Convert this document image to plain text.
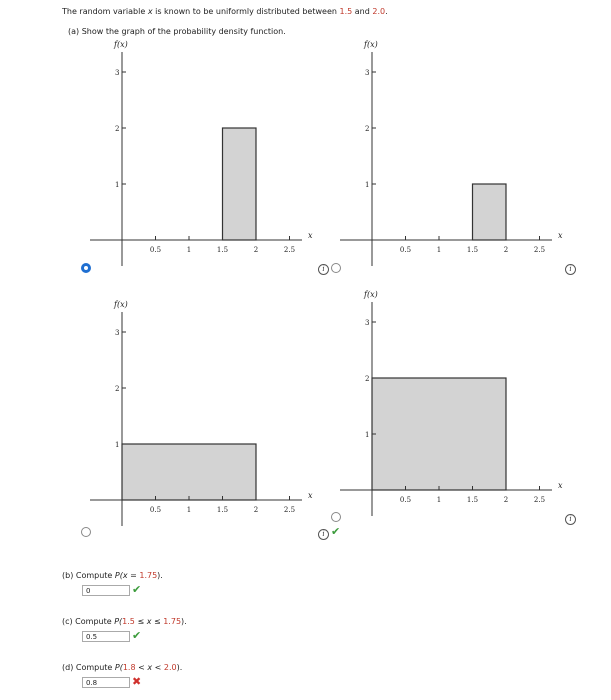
The random variable x is known to be uniformly distributed between 1.5 and 2.0.
(a) Show the graph of the probability density function.
f(x)
x
1
2
3
0.5	1	1.5	2	2.5
f(x)
x
1
2
3
0.5	1	1.5	2	2.5
f(x)
x
1
2
3
0.5	1	1.5	2	2.5
f(x)
x
1
2
3
0.5	1	1.5	2	2.5
i	i
i ✔
i
(b) Compute P(x = 1.75).
0	✔
(c) Compute P(1.5 ≤ x ≤ 1.75).
0.5	✔
(d) Compute P(1.8 < x < 2.0).
0.8	✖
